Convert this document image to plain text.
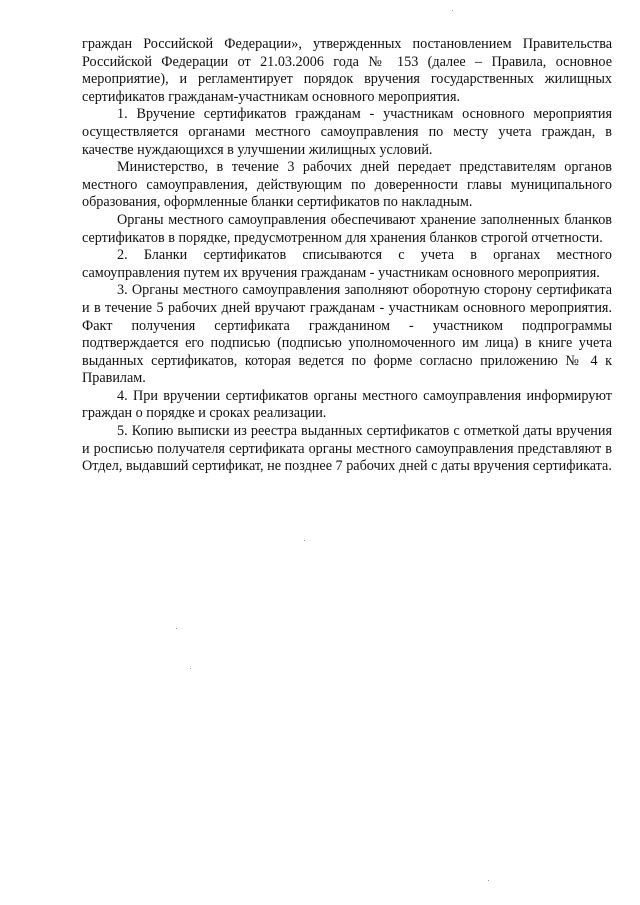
граждан Российской Федерации», утвержденных постановлением Правительства Российской Федерации от 21.03.2006 года № 153 (далее – Правила, основное мероприятие), и регламентирует порядок вручения государственных жилищных сертификатов гражданам-участникам основного мероприятия.

1. Вручение сертификатов гражданам - участникам основного мероприятия осуществляется органами местного самоуправления по месту учета граждан, в качестве нуждающихся в улучшении жилищных условий.

Министерство, в течение 3 рабочих дней передает представителям органов местного самоуправления, действующим по доверенности главы муниципального образования, оформленные бланки сертификатов по накладным.

Органы местного самоуправления обеспечивают хранение заполненных бланков сертификатов в порядке, предусмотренном для хранения бланков строгой отчетности.

2. Бланки сертификатов списываются с учета в органах местного самоуправления путем их вручения гражданам - участникам основного мероприятия.

3. Органы местного самоуправления заполняют оборотную сторону сертификата и в течение 5 рабочих дней вручают гражданам - участникам основного мероприятия. Факт получения сертификата гражданином - участником подпрограммы подтверждается его подписью (подписью уполномоченного им лица) в книге учета выданных сертификатов, которая ведется по форме согласно приложению № 4 к Правилам.

4. При вручении сертификатов органы местного самоуправления информируют граждан о порядке и сроках реализации.

5. Копию выписки из реестра выданных сертификатов с отметкой даты вручения и росписью получателя сертификата органы местного самоуправления представляют в Отдел, выдавший сертификат, не позднее 7 рабочих дней с даты вручения сертификата.
